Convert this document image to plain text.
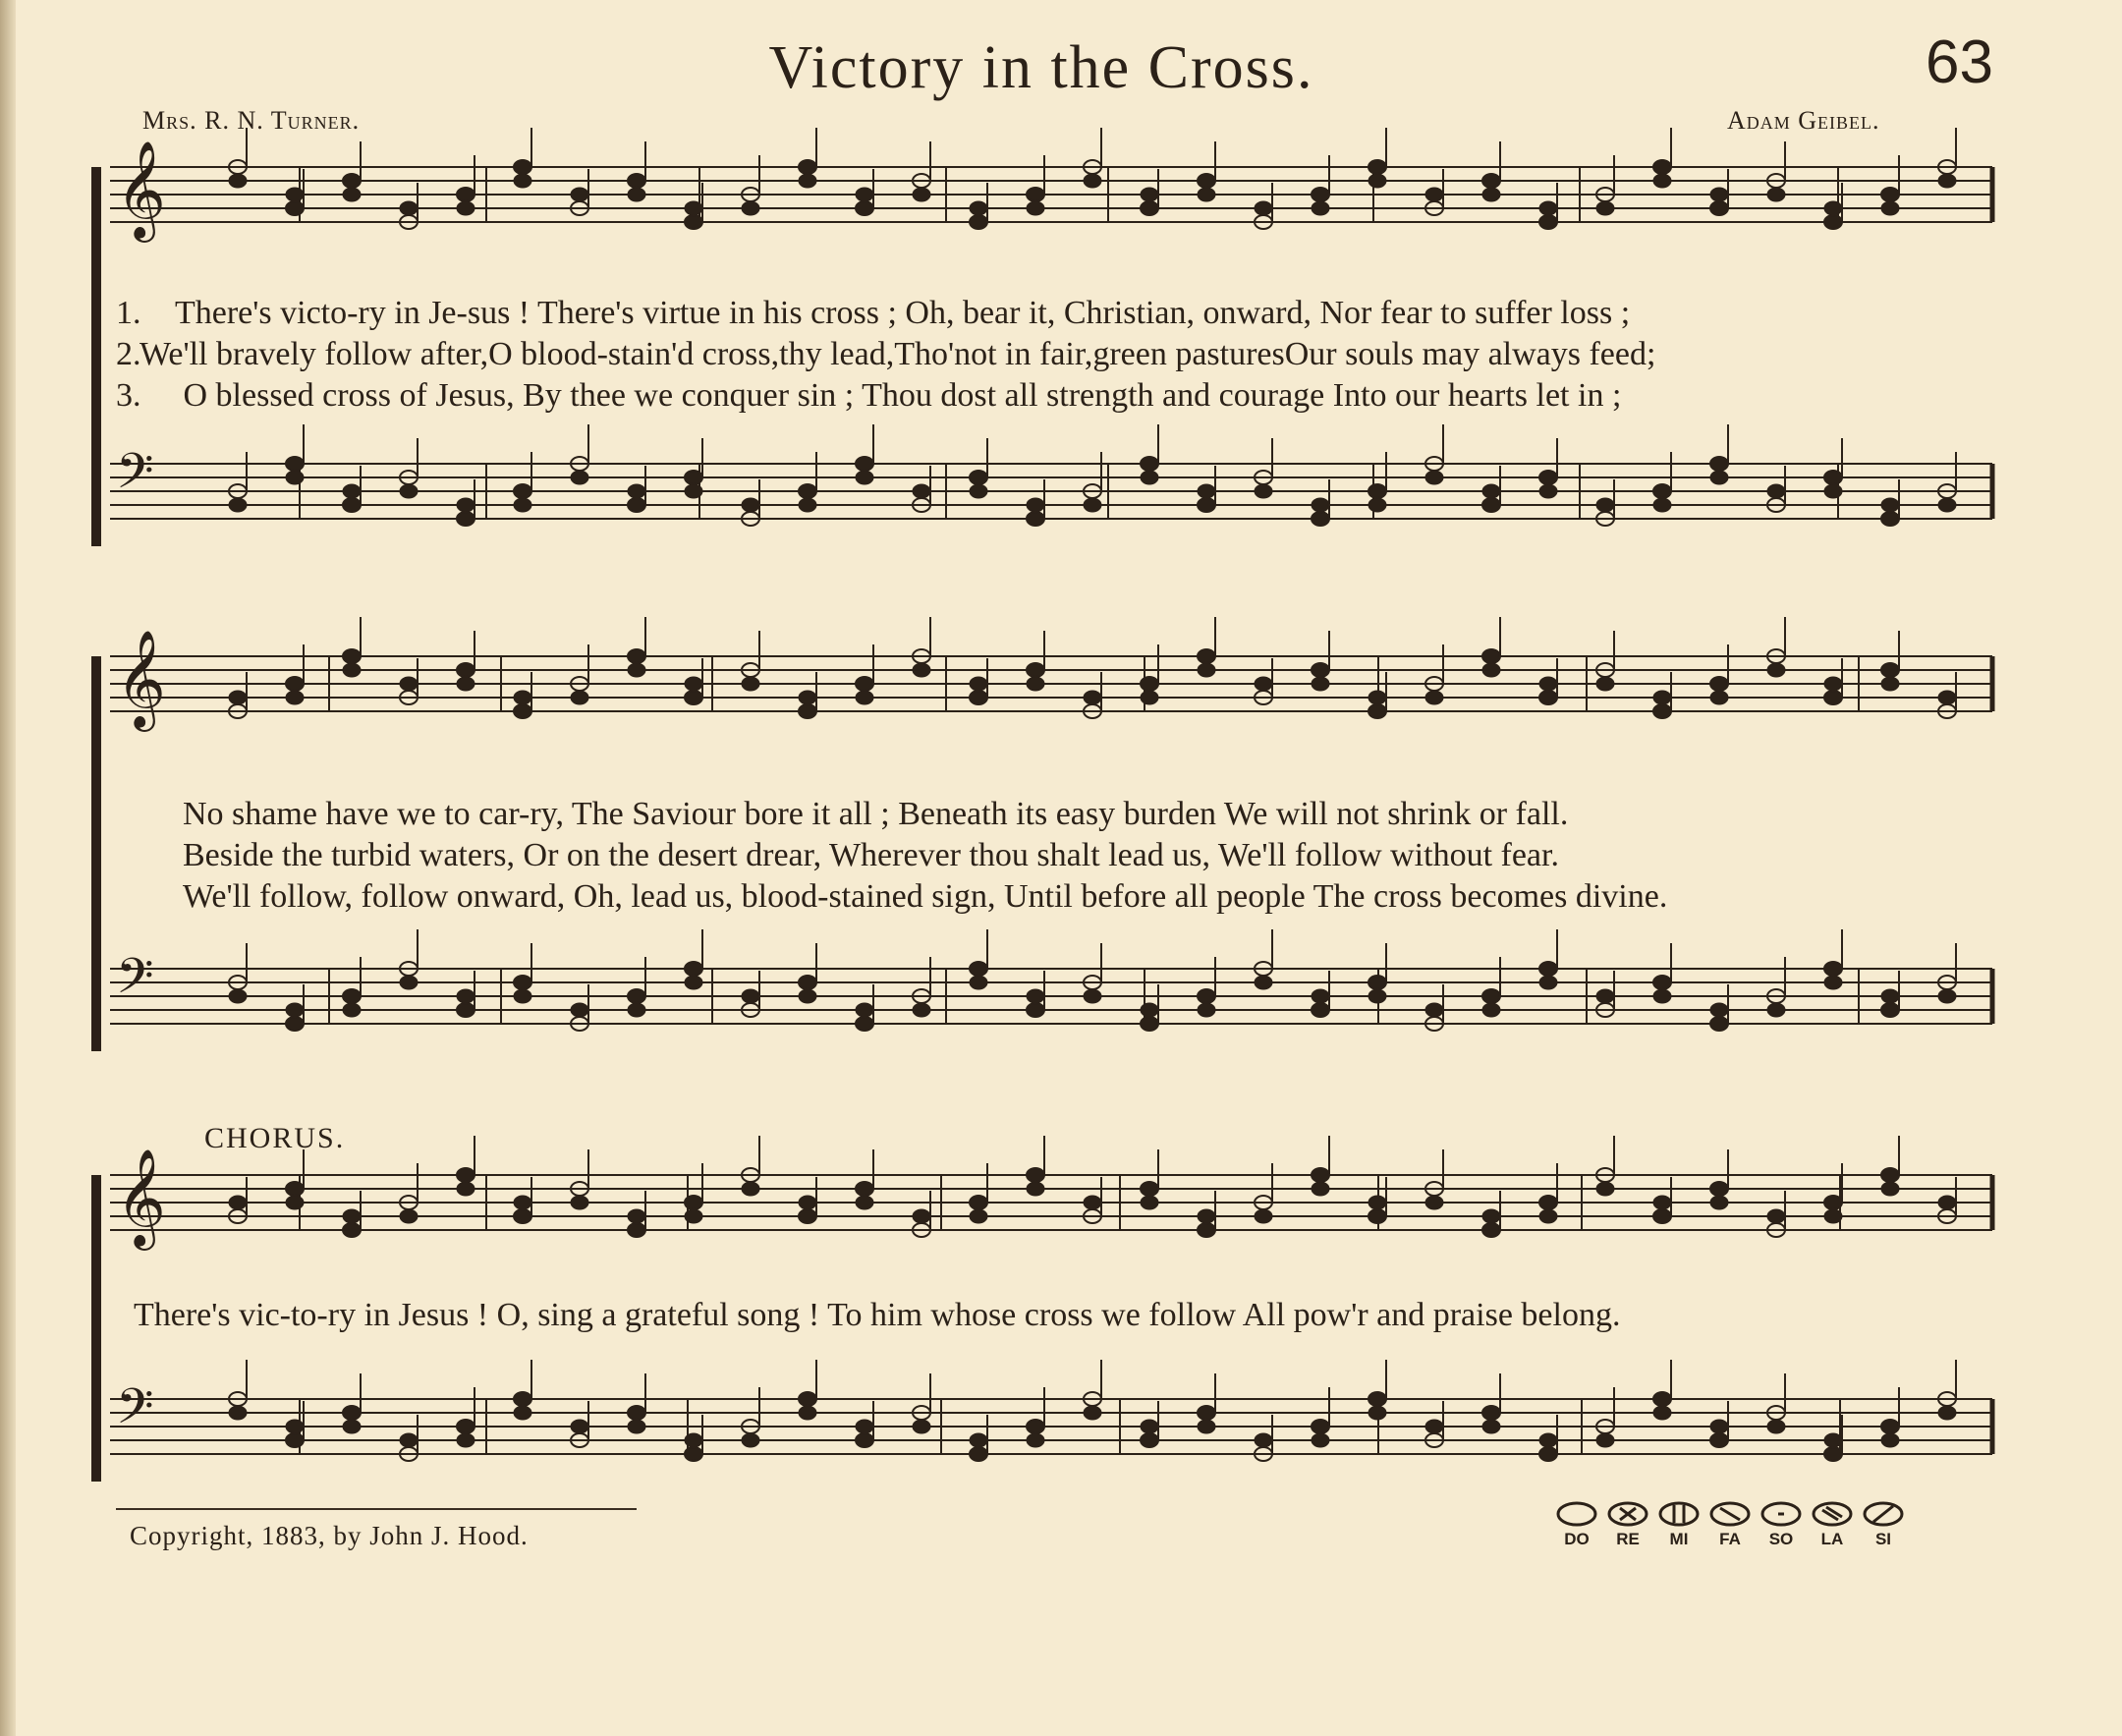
Victory in the Cross.	63
Mrs. R. N. Turner.	Adam Geibel.
𝄞
𝄢
𝄞
𝄢
𝄞
𝄢
1. There's victo-ry in Je-sus ! There's virtue in his cross ; Oh, bear it, Christian, onward, Nor fear to suffer loss ;
2.We'll bravely follow after,O blood-stain'd cross,thy lead,Tho'not in fair,green pasturesOur souls may always feed;
3. O blessed cross of Jesus, By thee we conquer sin ; Thou dost all strength and courage Into our hearts let in ;
No shame have we to car-ry, The Saviour bore it all ; Beneath its easy burden We will not shrink or fall.
Beside the turbid waters, Or on the desert drear, Wherever thou shalt lead us, We'll follow without fear.
We'll follow, follow onward, Oh, lead us, blood-stained sign, Until before all people The cross becomes divine.
CHORUS.
There's vic-to-ry in Jesus ! O, sing a grateful song ! To him whose cross we follow All pow'r and praise belong.
Copyright, 1883, by John J. Hood.	DO	RE	MI	FA	SO	LA	SI
